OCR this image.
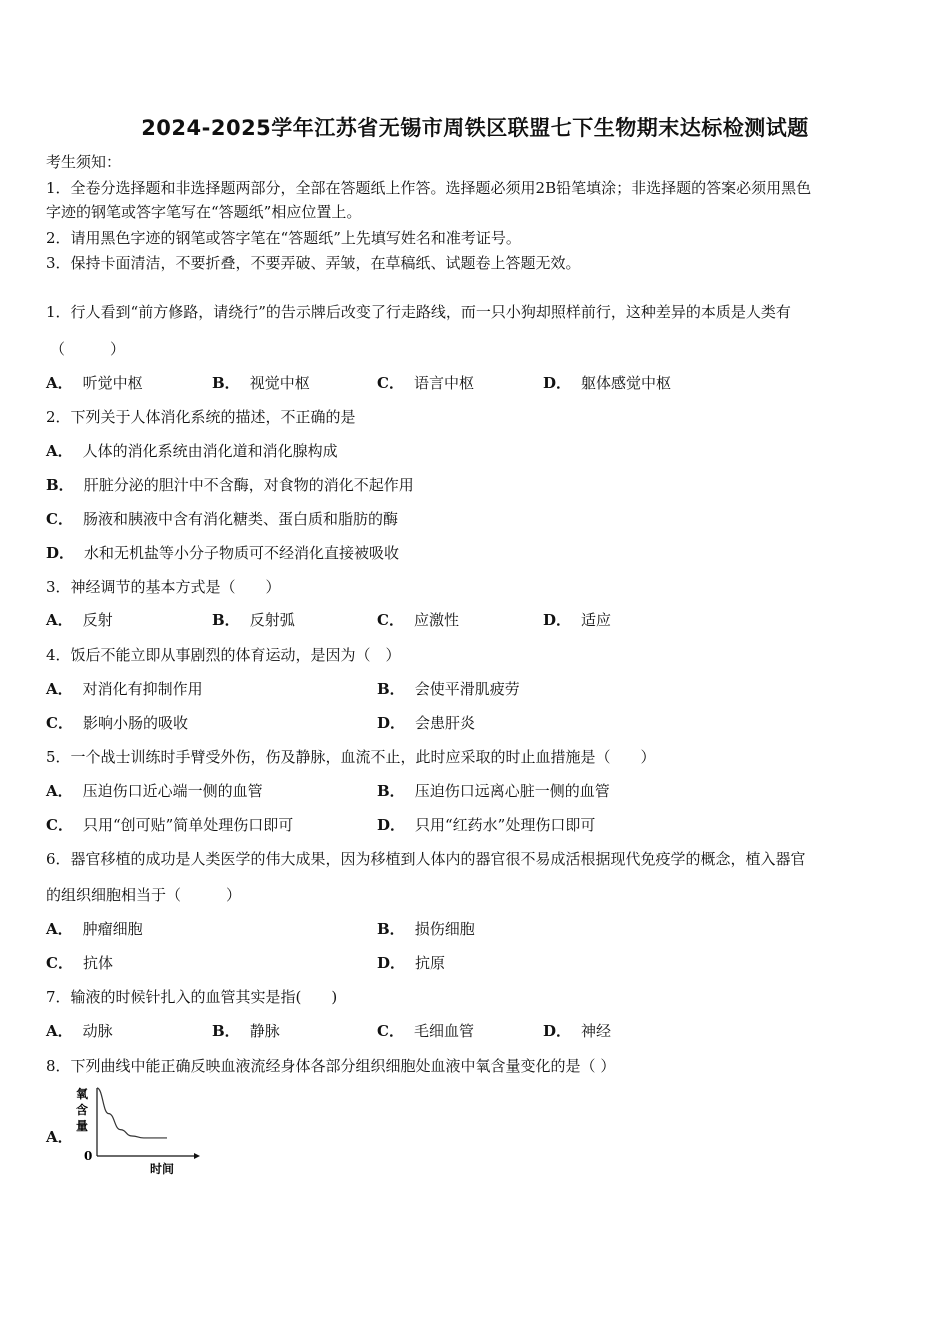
2024-2025学年江苏省无锡市周铁区联盟七下生物期末达标检测试题
考生须知：
1．全卷分选择题和非选择题两部分，全部在答题纸上作答。选择题必须用2B铅笔填涂；非选择题的答案必须用黑色
字迹的钢笔或答字笔写在“答题纸”相应位置上。
2．请用黑色字迹的钢笔或答字笔在“答题纸”上先填写姓名和准考证号。
3．保持卡面清洁，不要折叠，不要弄破、弄皱，在草稿纸、试题卷上答题无效。
1．行人看到“前方修路，请绕行”的告示牌后改变了行走路线，而一只小狗却照样前行，这种差异的本质是人类有
（　　　）
A． 听觉中枢	B． 视觉中枢	C． 语言中枢	D． 躯体感觉中枢
2．下列关于人体消化系统的描述，不正确的是
A． 人体的消化系统由消化道和消化腺构成
B． 肝脏分泌的胆汁中不含酶，对食物的消化不起作用
C． 肠液和胰液中含有消化糖类、蛋白质和脂肪的酶
D． 水和无机盐等小分子物质可不经消化直接被吸收
3．神经调节的基本方式是（　　）
A． 反射	B． 反射弧	C． 应激性	D． 适应
4．饭后不能立即从事剧烈的体育运动，是因为（　）
A． 对消化有抑制作用	B． 会使平滑肌疲劳
C． 影响小肠的吸收	D． 会患肝炎
5．一个战士训练时手臂受外伤，伤及静脉，血流不止，此时应采取的时止血措施是（　　）
A． 压迫伤口近心端一侧的血管	B． 压迫伤口远离心脏一侧的血管
C． 只用“创可贴”简单处理伤口即可	D． 只用“红药水”处理伤口即可
6．器官移植的成功是人类医学的伟大成果，因为移植到人体内的器官很不易成活根据现代免疫学的概念，植入器官
的组织细胞相当于（　　　）
A． 肿瘤细胞	B． 损伤细胞
C． 抗体	D． 抗原
7．输液的时候针扎入的血管其实是指(　　)
A． 动脉	B． 静脉	C． 毛细血管	D． 神经
8．下列曲线中能正确反映血液流经身体各部分组织细胞处血液中氧含量变化的是（ ）
A．
氧
含
量
0
时间
